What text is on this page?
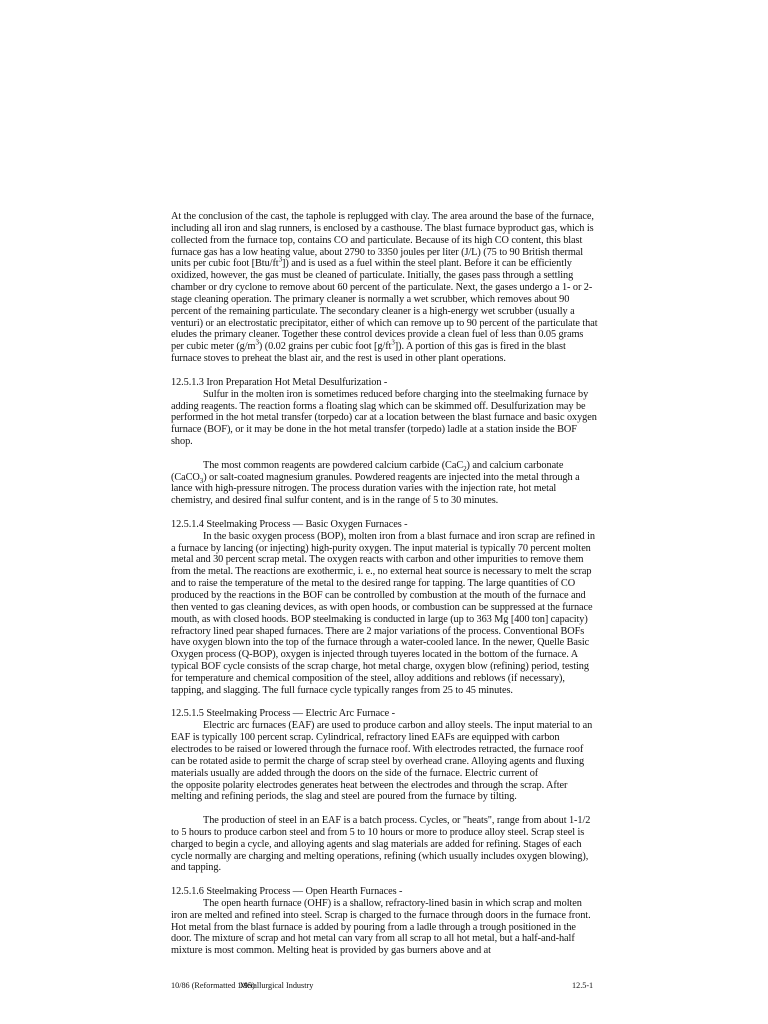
At the conclusion of the cast, the taphole is replugged with clay. The area around the base of the furnace, including all iron and slag runners, is enclosed by a casthouse. The blast furnace byproduct gas, which is collected from the furnace top, contains CO and particulate. Because of its high CO content, this blast furnace gas has a low heating value, about 2790 to 3350 joules per liter (J/L) (75 to 90 British thermal units per cubic foot $[Btu/ft^3]$) and is used as a fuel within the steel plant. Before it can be efficiently oxidized, however, the gas must be cleaned of particulate. Initially, the gases pass through a settling chamber or dry cyclone to remove about 60 percent of the particulate. Next, the gases undergo a 1- or 2-stage cleaning operation. The primary cleaner is normally a wet scrubber, which removes about 90 percent of the remaining particulate. The secondary cleaner is a high-energy wet scrubber (usually a venturi) or an electrostatic precipitator, either of which can remove up to 90 percent of the particulate that eludes the primary cleaner. Together these control devices provide a clean fuel of less than 0.05 grams per cubic meter $(g/m^3)$ (0.02 grains per cubic foot $[g/ft^3]$). A portion of this gas is fired in the blast furnace stoves to preheat the blast air, and the rest is used in other plant operations.

12.5.1.3 Iron Preparation Hot Metal Desulfurization -

Sulfur in the molten iron is sometimes reduced before charging into the steelmaking furnace by adding reagents. The reaction forms a floating slag which can be skimmed off. Desulfurization may be performed in the hot metal transfer (torpedo) car at a location between the blast furnace and basic oxygen furnace (BOF), or it may be done in the hot metal transfer (torpedo) ladle at a station inside the BOF shop.

The most common reagents are powdered calcium carbide (CaC$_2$) and calcium carbonate (CaCO$_3$) or salt-coated magnesium granules. Powdered reagents are injected into the metal through a lance with high-pressure nitrogen. The process duration varies with the injection rate, hot metal chemistry, and desired final sulfur content, and is in the range of 5 to 30 minutes.

12.5.1.4 Steelmaking Process — Basic Oxygen Furnaces -

In the basic oxygen process (BOP), molten iron from a blast furnace and iron scrap are refined in a furnace by lancing (or injecting) high-purity oxygen. The input material is typically 70 percent molten metal and 30 percent scrap metal. The oxygen reacts with carbon and other impurities to remove them from the metal. The reactions are exothermic, i. e., no external heat source is necessary to melt the scrap and to raise the temperature of the metal to the desired range for tapping. The large quantities of CO produced by the reactions in the BOF can be controlled by combustion at the mouth of the furnace and then vented to gas cleaning devices, as with open hoods, or combustion can be suppressed at the furnace mouth, as with closed hoods. BOP steelmaking is conducted in large (up to 363 Mg [400 ton] capacity) refractory lined pear shaped furnaces. There are 2 major variations of the process. Conventional BOFs have oxygen blown into the top of the furnace through a water-cooled lance. In the newer, Quelle Basic Oxygen process (Q-BOP), oxygen is injected through tuyeres located in the bottom of the furnace. A typical BOF cycle consists of the scrap charge, hot metal charge, oxygen blow (refining) period, testing for temperature and chemical composition of the steel, alloy additions and reblows (if necessary), tapping, and slagging. The full furnace cycle typically ranges from 25 to 45 minutes.

12.5.1.5 Steelmaking Process — Electric Arc Furnace -

Electric arc furnaces (EAF) are used to produce carbon and alloy steels. The input material to an EAF is typically 100 percent scrap. Cylindrical, refractory lined EAFs are equipped with carbon electrodes to be raised or lowered through the furnace roof. With electrodes retracted, the furnace roof can be rotated aside to permit the charge of scrap steel by overhead crane. Alloying agents and fluxing materials usually are added through the doors on the side of the furnace. Electric current of

the opposite polarity electrodes generates heat between the electrodes and through the scrap. After melting and refining periods, the slag and steel are poured from the furnace by tilting.

The production of steel in an EAF is a batch process. Cycles, or "heats", range from about 1-1/2 to 5 hours to produce carbon steel and from 5 to 10 hours or more to produce alloy steel. Scrap steel is charged to begin a cycle, and alloying agents and slag materials are added for refining. Stages of each cycle normally are charging and melting operations, refining (which usually includes oxygen blowing), and tapping.

12.5.1.6 Steelmaking Process — Open Hearth Furnaces -

The open hearth furnace (OHF) is a shallow, refractory-lined basin in which scrap and molten iron are melted and refined into steel. Scrap is charged to the furnace through doors in the furnace front. Hot metal from the blast furnace is added by pouring from a ladle through a trough positioned in the door. The mixture of scrap and hot metal can vary from all scrap to all hot metal, but a half-and-half mixture is most common. Melting heat is provided by gas burners above and at

10/86 (Reformatted 1/95)
Metallurgical Industry	12.5-1
